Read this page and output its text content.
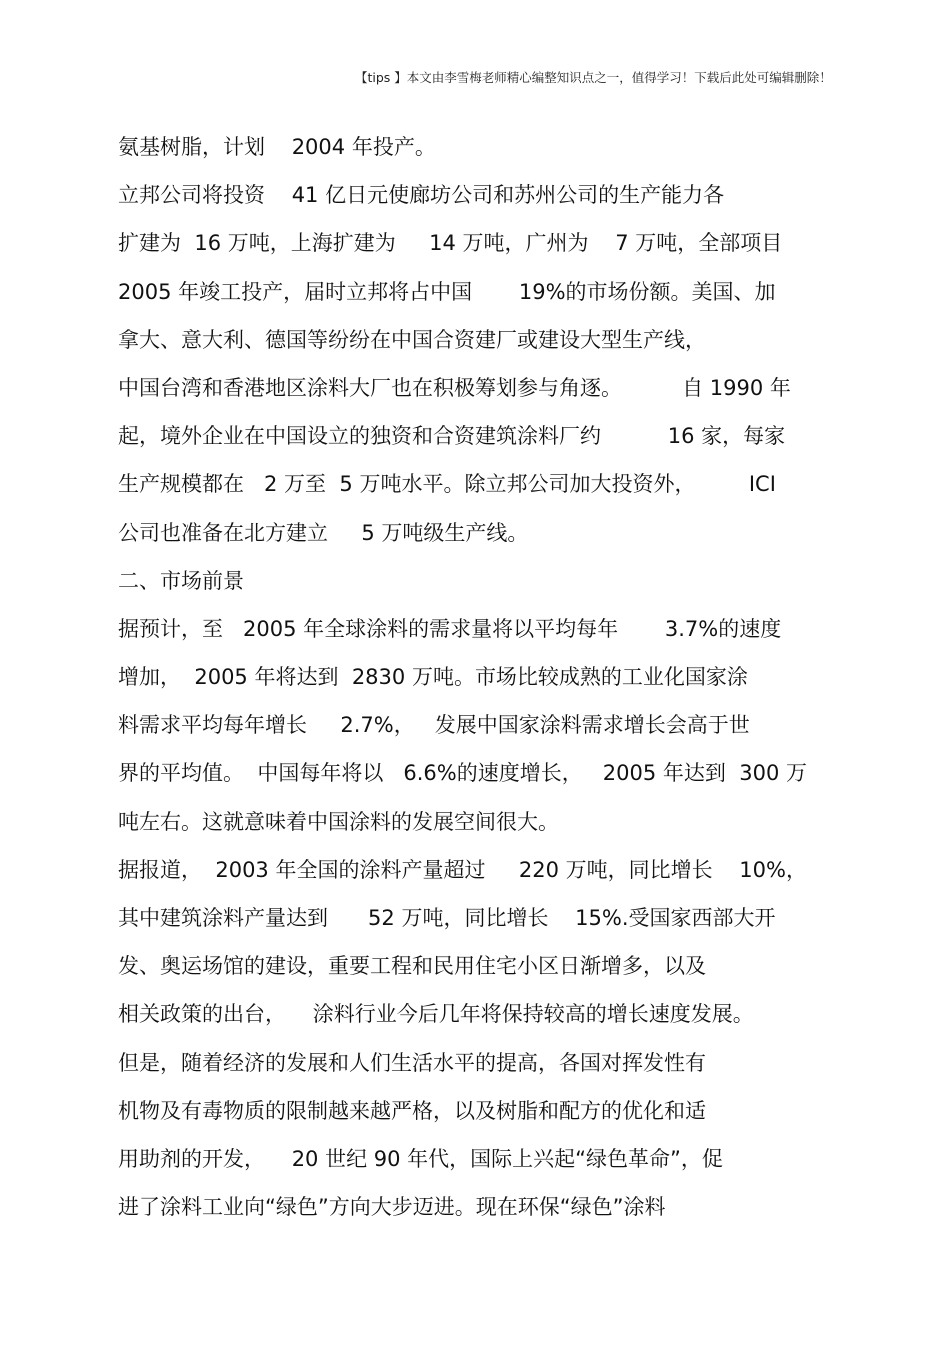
【tips 】本文由李雪梅老师精心编整知识点之一，值得学习！下载后此处可编辑删除！
氨基树脂，计划    2004 年投产。
立邦公司将投资    41 亿日元使廊坊公司和苏州公司的生产能力各
扩建为  16 万吨，上海扩建为     14 万吨，广州为    7 万吨，全部项目
2005 年竣工投产，届时立邦将占中国       19%的市场份额。美国、加
拿大、意大利、德国等纷纷在中国合资建厂或建设大型生产线，
中国台湾和香港地区涂料大厂也在积极筹划参与角逐。         自 1990 年
起，境外企业在中国设立的独资和合资建筑涂料厂约          16 家，每家
生产规模都在   2 万至  5 万吨水平。除立邦公司加大投资外，        ICI
公司也准备在北方建立     5 万吨级生产线。
二、市场前景
据预计，至   2005 年全球涂料的需求量将以平均每年       3.7%的速度
增加，  2005 年将达到  2830 万吨。市场比较成熟的工业化国家涂
料需求平均每年增长     2.7%，   发展中国家涂料需求增长会高于世
界的平均值。  中国每年将以   6.6%的速度增长，   2005 年达到  300 万
吨左右。这就意味着中国涂料的发展空间很大。
据报道，  2003 年全国的涂料产量超过     220 万吨，同比增长    10%，
其中建筑涂料产量达到      52 万吨，同比增长    15%.受国家西部大开
发、奥运场馆的建设，重要工程和民用住宅小区日渐增多，以及
相关政策的出台，    涂料行业今后几年将保持较高的增长速度发展。
但是，随着经济的发展和人们生活水平的提高，各国对挥发性有
机物及有毒物质的限制越来越严格，以及树脂和配方的优化和适
用助剂的开发，    20 世纪 90 年代，国际上兴起“绿色革命”，促
进了涂料工业向“绿色”方向大步迈进。现在环保“绿色”涂料
